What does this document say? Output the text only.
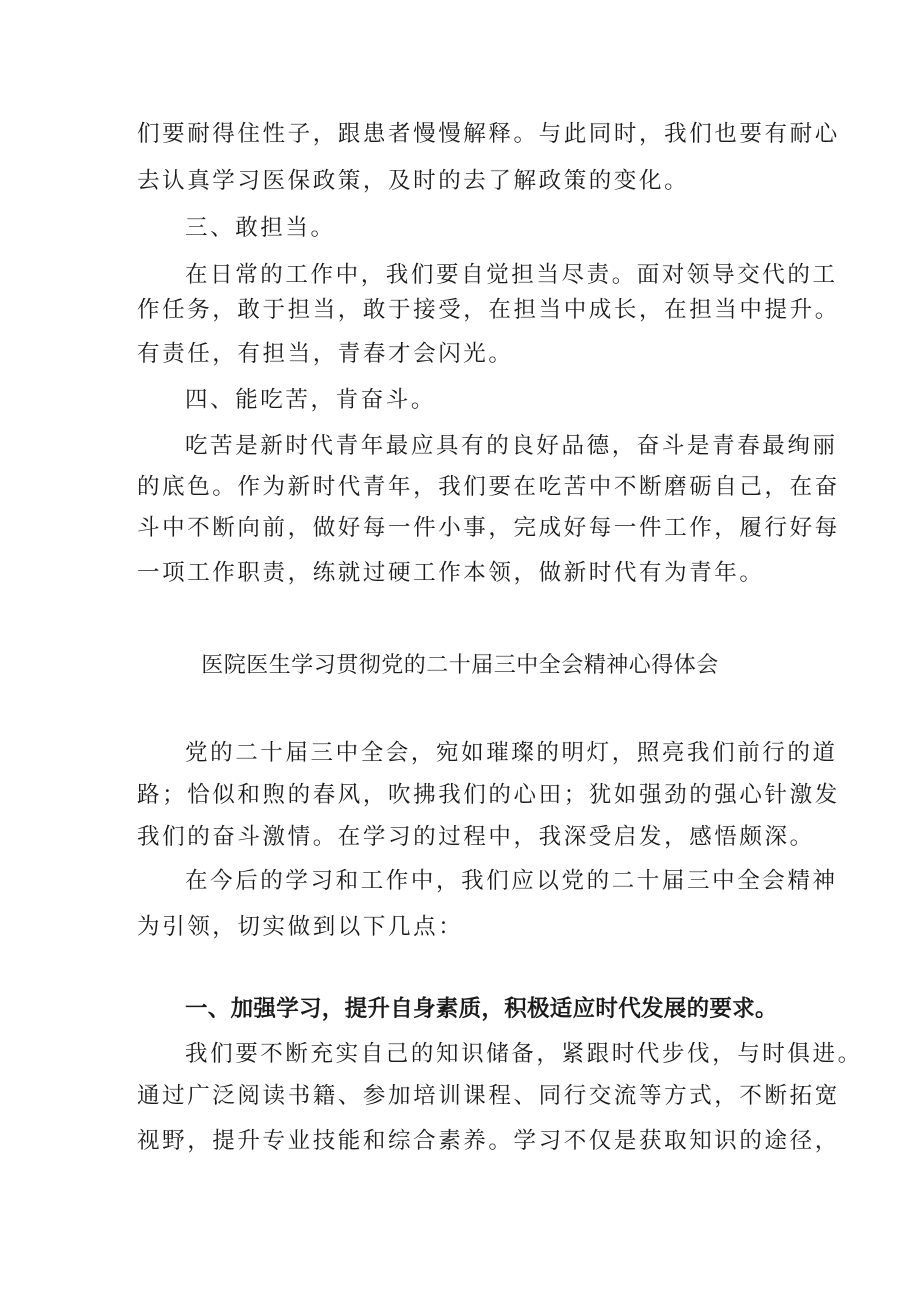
们要耐得住性子，跟患者慢慢解释。与此同时，我们也要有耐心
去认真学习医保政策，及时的去了解政策的变化。
三、敢担当。
在日常的工作中，我们要自觉担当尽责。面对领导交代的工
作任务，敢于担当，敢于接受，在担当中成长，在担当中提升。
有责任，有担当，青春才会闪光。
四、能吃苦，肯奋斗。
吃苦是新时代青年最应具有的良好品德，奋斗是青春最绚丽
的底色。作为新时代青年，我们要在吃苦中不断磨砺自己，在奋
斗中不断向前，做好每一件小事，完成好每一件工作，履行好每
一项工作职责，练就过硬工作本领，做新时代有为青年。
医院医生学习贯彻党的二十届三中全会精神心得体会
党的二十届三中全会，宛如璀璨的明灯，照亮我们前行的道
路；恰似和煦的春风，吹拂我们的心田；犹如强劲的强心针激发
我们的奋斗激情。在学习的过程中，我深受启发，感悟颇深。
在今后的学习和工作中，我们应以党的二十届三中全会精神
为引领，切实做到以下几点：
一、加强学习，提升自身素质，积极适应时代发展的要求。
我们要不断充实自己的知识储备，紧跟时代步伐，与时俱进。
通过广泛阅读书籍、参加培训课程、同行交流等方式，不断拓宽
视野，提升专业技能和综合素养。学习不仅是获取知识的途径，
